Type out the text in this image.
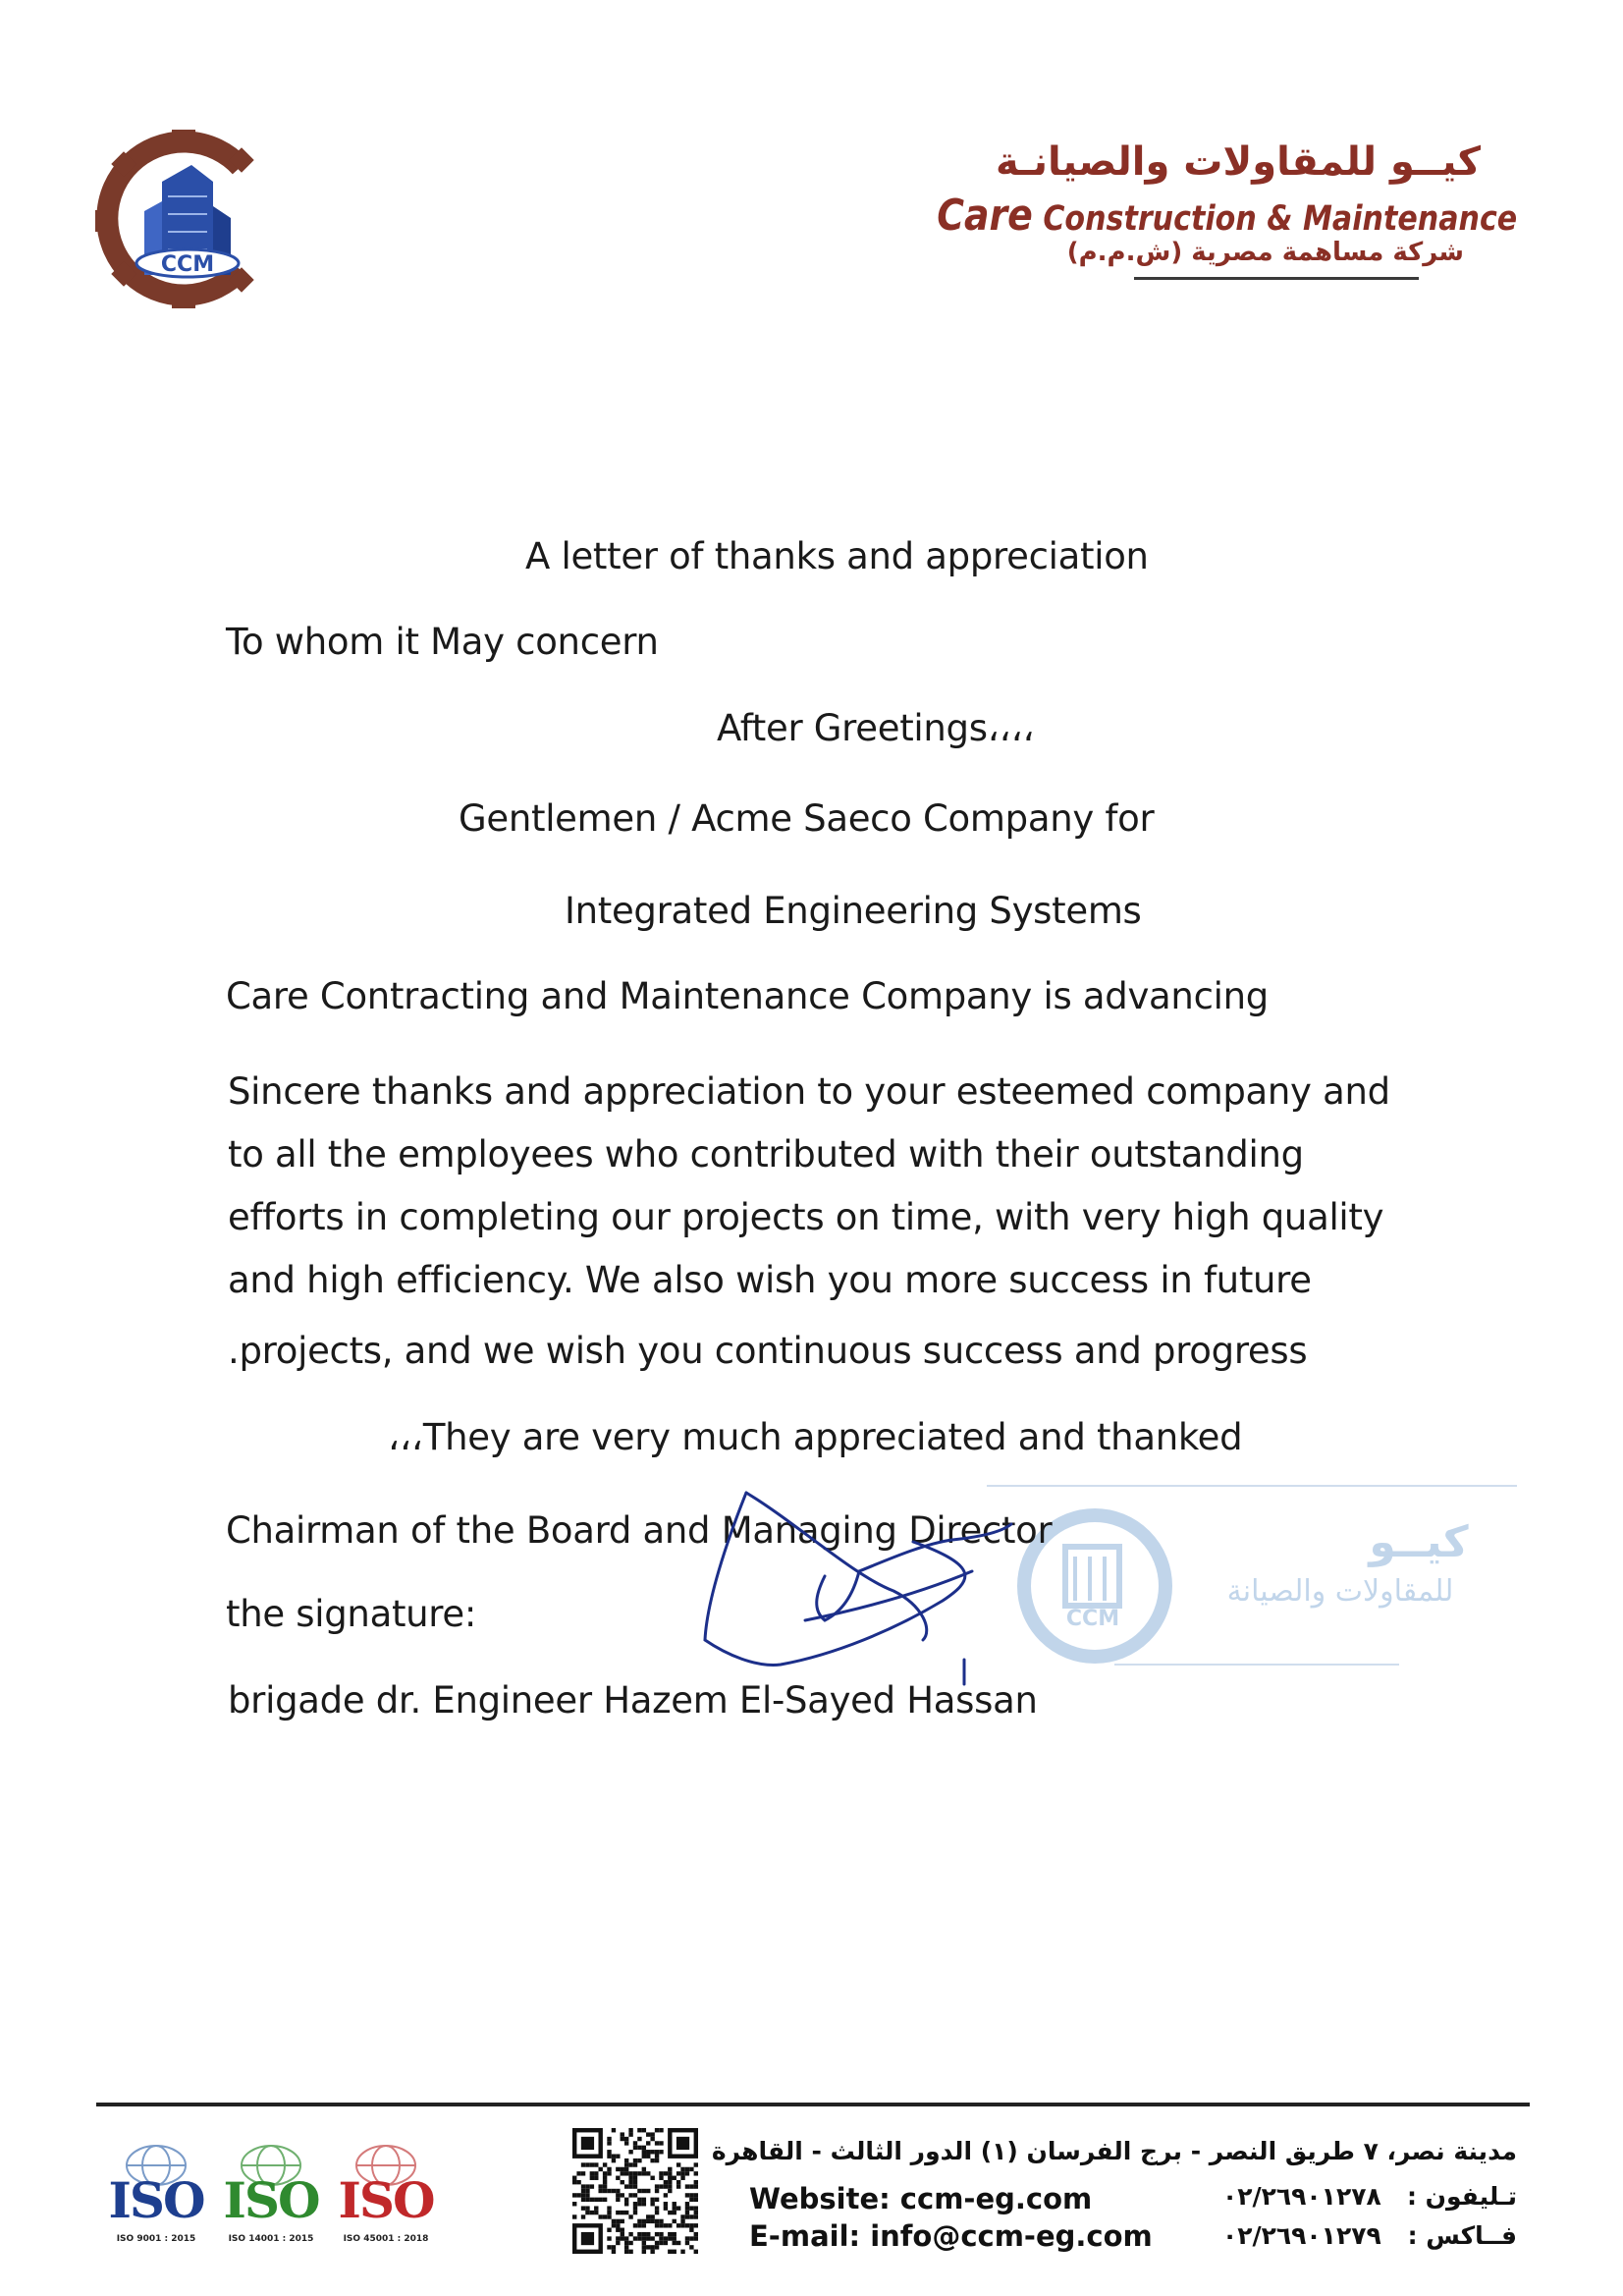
CCM
كيــو للمقاولات والصيانـة
Care Construction & Maintenance
شركة مساهمة مصرية (ش.م.م)
A letter of thanks and appreciation
To whom it May concern
After Greetings،،،،
Gentlemen / Acme Saeco Company for
Integrated Engineering Systems
Care Contracting and Maintenance Company is advancing
Sincere thanks and appreciation to your esteemed company and
to all the employees who contributed with their outstanding
efforts in completing our projects on time, with very high quality
and high efficiency. We also wish you more success in future
.projects, and we wish you continuous success and progress
،،،They are very much appreciated and thanked
CCM
كيــو
للمقاولات والصيانة
Chairman of the Board and Managing Director
the signature:
brigade dr. Engineer Hazem El-Sayed Hassan
ISO
ISO 9001 : 2015
ISO
ISO 14001 : 2015
ISO
ISO 45001 : 2018
مدينة نصر، ٧ طريق النصر - برج الفرسان (١) الدور الثالث - القاهرة
Website: ccm-eg.com
E-mail: info@ccm-eg.com
تـليفون :
فــاكس :
٠٢/٢٦٩٠١٢٧٨
٠٢/٢٦٩٠١٢٧٩
